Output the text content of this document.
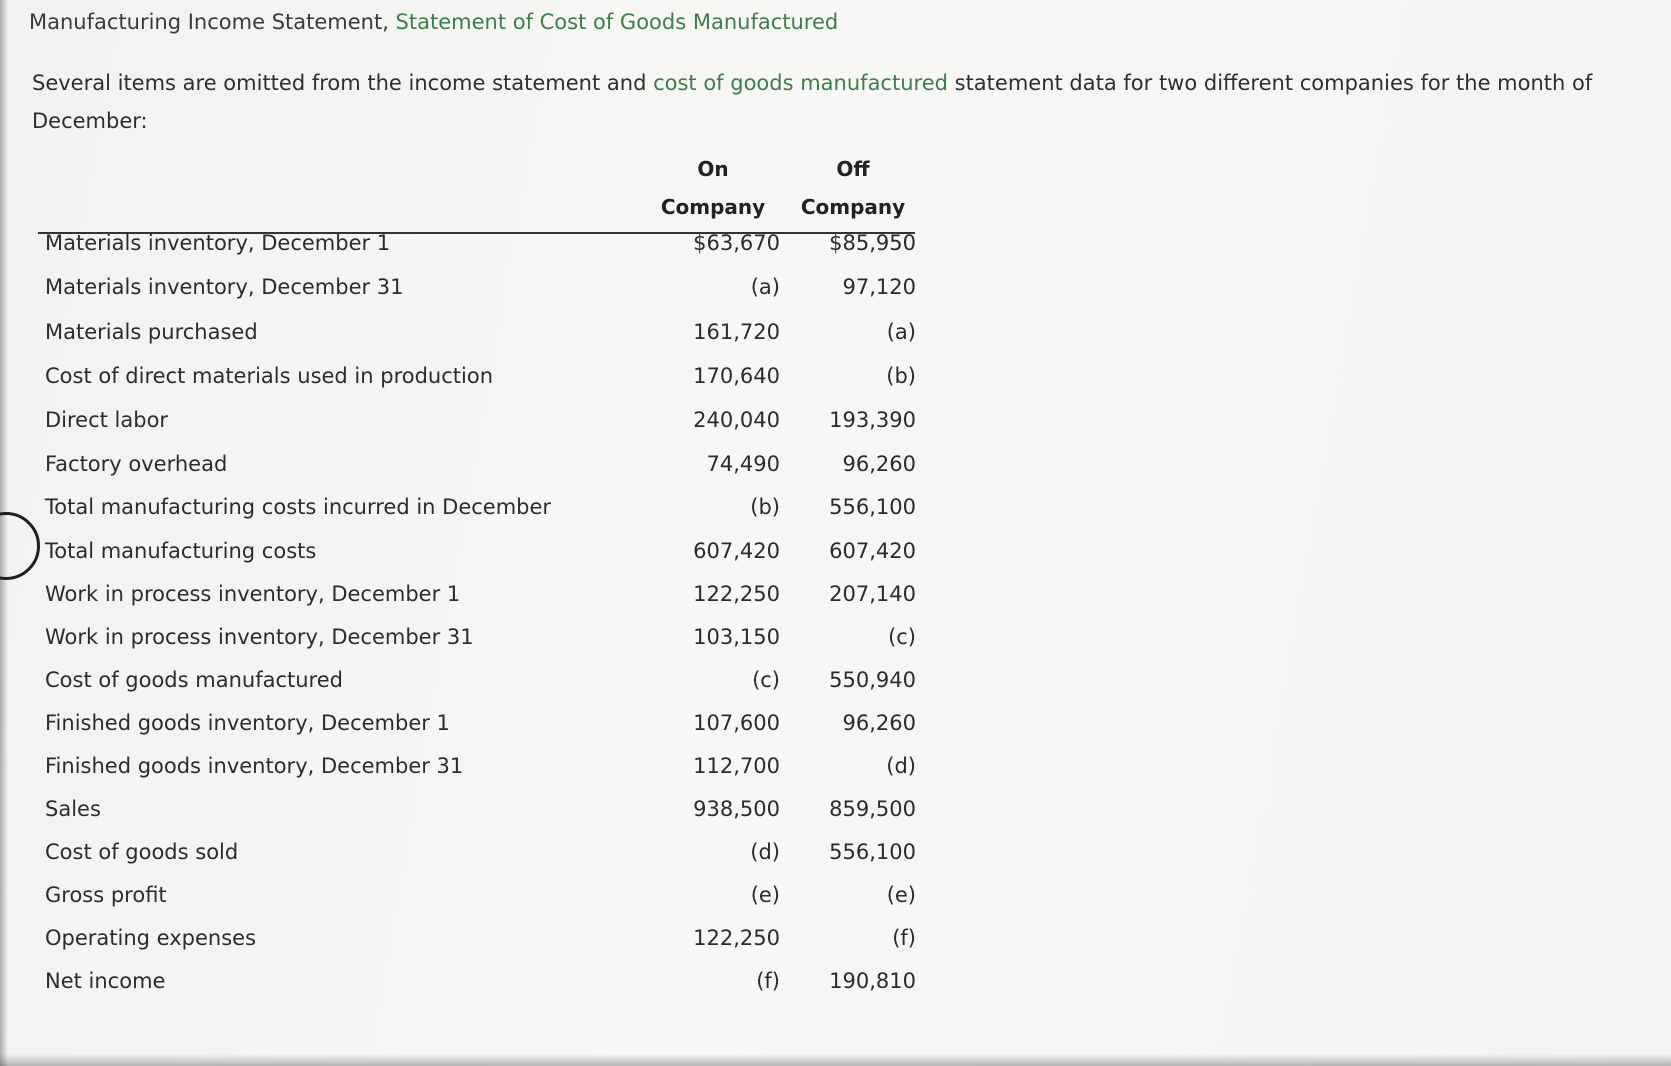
Manufacturing Income Statement, Statement of Cost of Goods Manufactured
Several items are omitted from the income statement and cost of goods manufactured statement data for two different companies for the month of December:
On Company
Off Company
Materials inventory, December 1	$63,670 $85,950
Materials inventory, December 31	(a)	97,120
Materials purchased	161,720	(a)
Cost of direct materials used in production	170,640	(b)
Direct labor	240,040 193,390
Factory overhead	74,490	96,260
Total manufacturing costs incurred in December	(b) 556,100
Total manufacturing costs	607,420 607,420
Work in process inventory, December 1	122,250 207,140
Work in process inventory, December 31	103,150	(c)
Cost of goods manufactured	(c) 550,940
Finished goods inventory, December 1	107,600	96,260
Finished goods inventory, December 31	112,700	(d)
Sales	938,500 859,500
Cost of goods sold	(d) 556,100
Gross profit	(e)	(e)
Operating expenses	122,250	(f)
Net income	(f) 190,810
